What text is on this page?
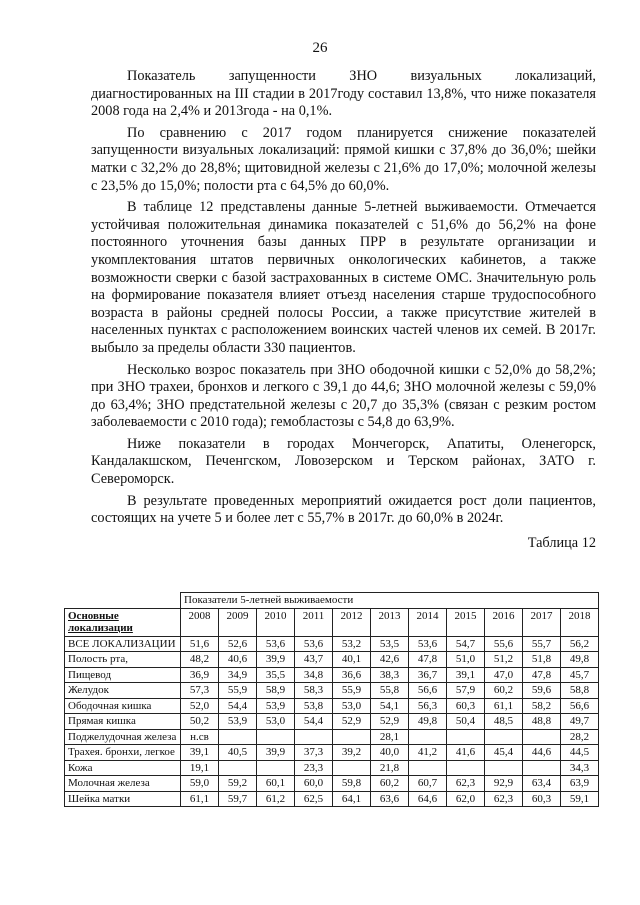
26

Показатель запущенности ЗНО визуальных локализаций, диагностированных на III стадии в 2017году составил 13,8%, что ниже показателя 2008 года на 2,4% и 2013года - на 0,1%.

По сравнению с 2017 годом планируется снижение показателей запущенности визуальных локализаций: прямой кишки с 37,8% до 36,0%; шейки матки с 32,2% до 28,8%; щитовидной железы с 21,6% до 17,0%; молочной железы с 23,5% до 15,0%; полости рта с 64,5% до 60,0%.

В таблице 12 представлены данные 5-летней выживаемости. Отмечается устойчивая положительная динамика показателей с 51,6% до 56,2% на фоне постоянного уточнения базы данных ПРР в результате организации и укомплектования штатов первичных онкологических кабинетов, а также возможности сверки с базой застрахованных в системе ОМС. Значительную роль на формирование показателя влияет отъезд населения старше трудоспособного возраста в районы средней полосы России, а также присутствие жителей в населенных пунктах с расположением воинских частей членов их семей. В 2017г. выбыло за пределы области 330 пациентов.

Несколько возрос показатель при ЗНО ободочной кишки с 52,0% до 58,2%; при ЗНО трахеи, бронхов и легкого с 39,1 до 44,6; ЗНО молочной железы с 59,0% до 63,4%; ЗНО предстательной железы с 20,7 до 35,3% (связан с резким ростом заболеваемости с 2010 года); гемобластозы с 54,8 до 63,9%.

Ниже показатели в городах Мончегорск, Апатиты, Оленегорск, Кандалакшском, Печенгском, Ловозерском и Терском районах, ЗАТО г. Североморск.

В результате проведенных мероприятий ожидается рост доли пациентов, состоящих на учете 5 и более лет с 55,7% в 2017г. до 60,0% в 2024г.

Таблица 12

	Показатели 5-летней выживаемости										
Основные локализации	2008	2009	2010	2011	2012	2013	2014	2015	2016	2017	2018
ВСЕ ЛОКАЛИЗАЦИИ	51,6	52,6	53,6	53,6	53,2	53,5	53,6	54,7	55,6	55,7	56,2
Полость рта,	48,2	40,6	39,9	43,7	40,1	42,6	47,8	51,0	51,2	51,8	49,8
Пищевод	36,9	34,9	35,5	34,8	36,6	38,3	36,7	39,1	47,0	47,8	45,7
Желудок	57,3	55,9	58,9	58,3	55,9	55,8	56,6	57,9	60,2	59,6	58,8
Ободочная кишка	52,0	54,4	53,9	53,8	53,0	54,1	56,3	60,3	61,1	58,2	56,6
Прямая кишка	50,2	53,9	53,0	54,4	52,9	52,9	49,8	50,4	48,5	48,8	49,7
Поджелудочная железа	н.св					28,1					28,2
Трахея. бронхи, легкое	39,1	40,5	39,9	37,3	39,2	40,0	41,2	41,6	45,4	44,6	44,5
Кожа	19,1			23,3		21,8					34,3
Молочная железа	59,0	59,2	60,1	60,0	59,8	60,2	60,7	62,3	92,9	63,4	63,9
Шейка матки	61,1	59,7	61,2	62,5	64,1	63,6	64,6	62,0	62,3	60,3	59,1
